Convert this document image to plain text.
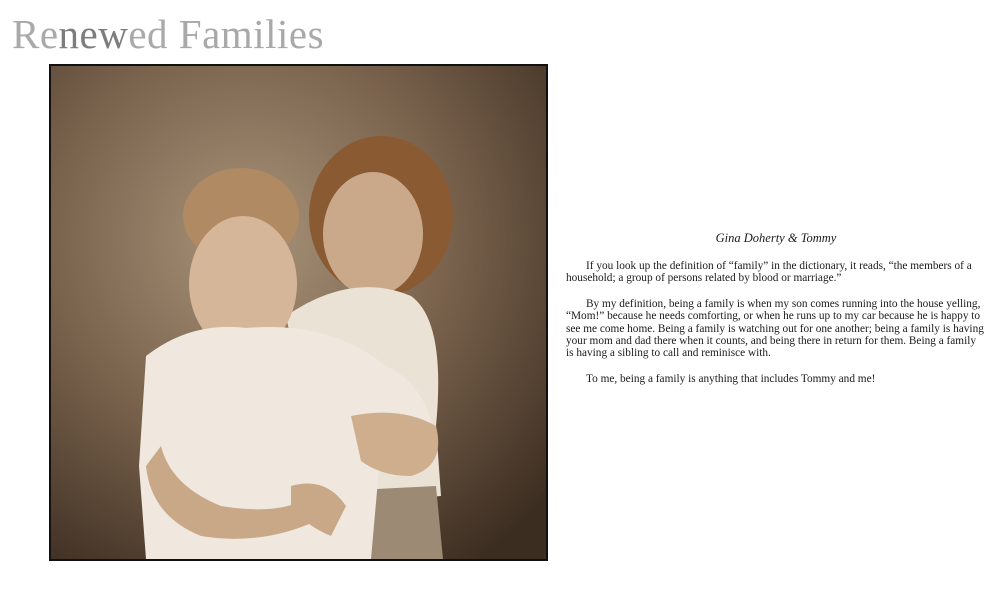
Renewed Families
Gina Doherty & Tommy

If you look up the definition of “family” in the dictionary, it reads, “the members of a household; a group of persons related by blood or marriage.”

By my definition, being a family is when my son comes running into the house yelling, “Mom!” because he needs comforting, or when he runs up to my car because he is happy to see me come home. Being a family is watching out for one another; being a family is having your mom and dad there when it counts, and being there in return for them. Being a family is having a sibling to call and reminisce with.

To me, being a family is anything that includes Tommy and me!
